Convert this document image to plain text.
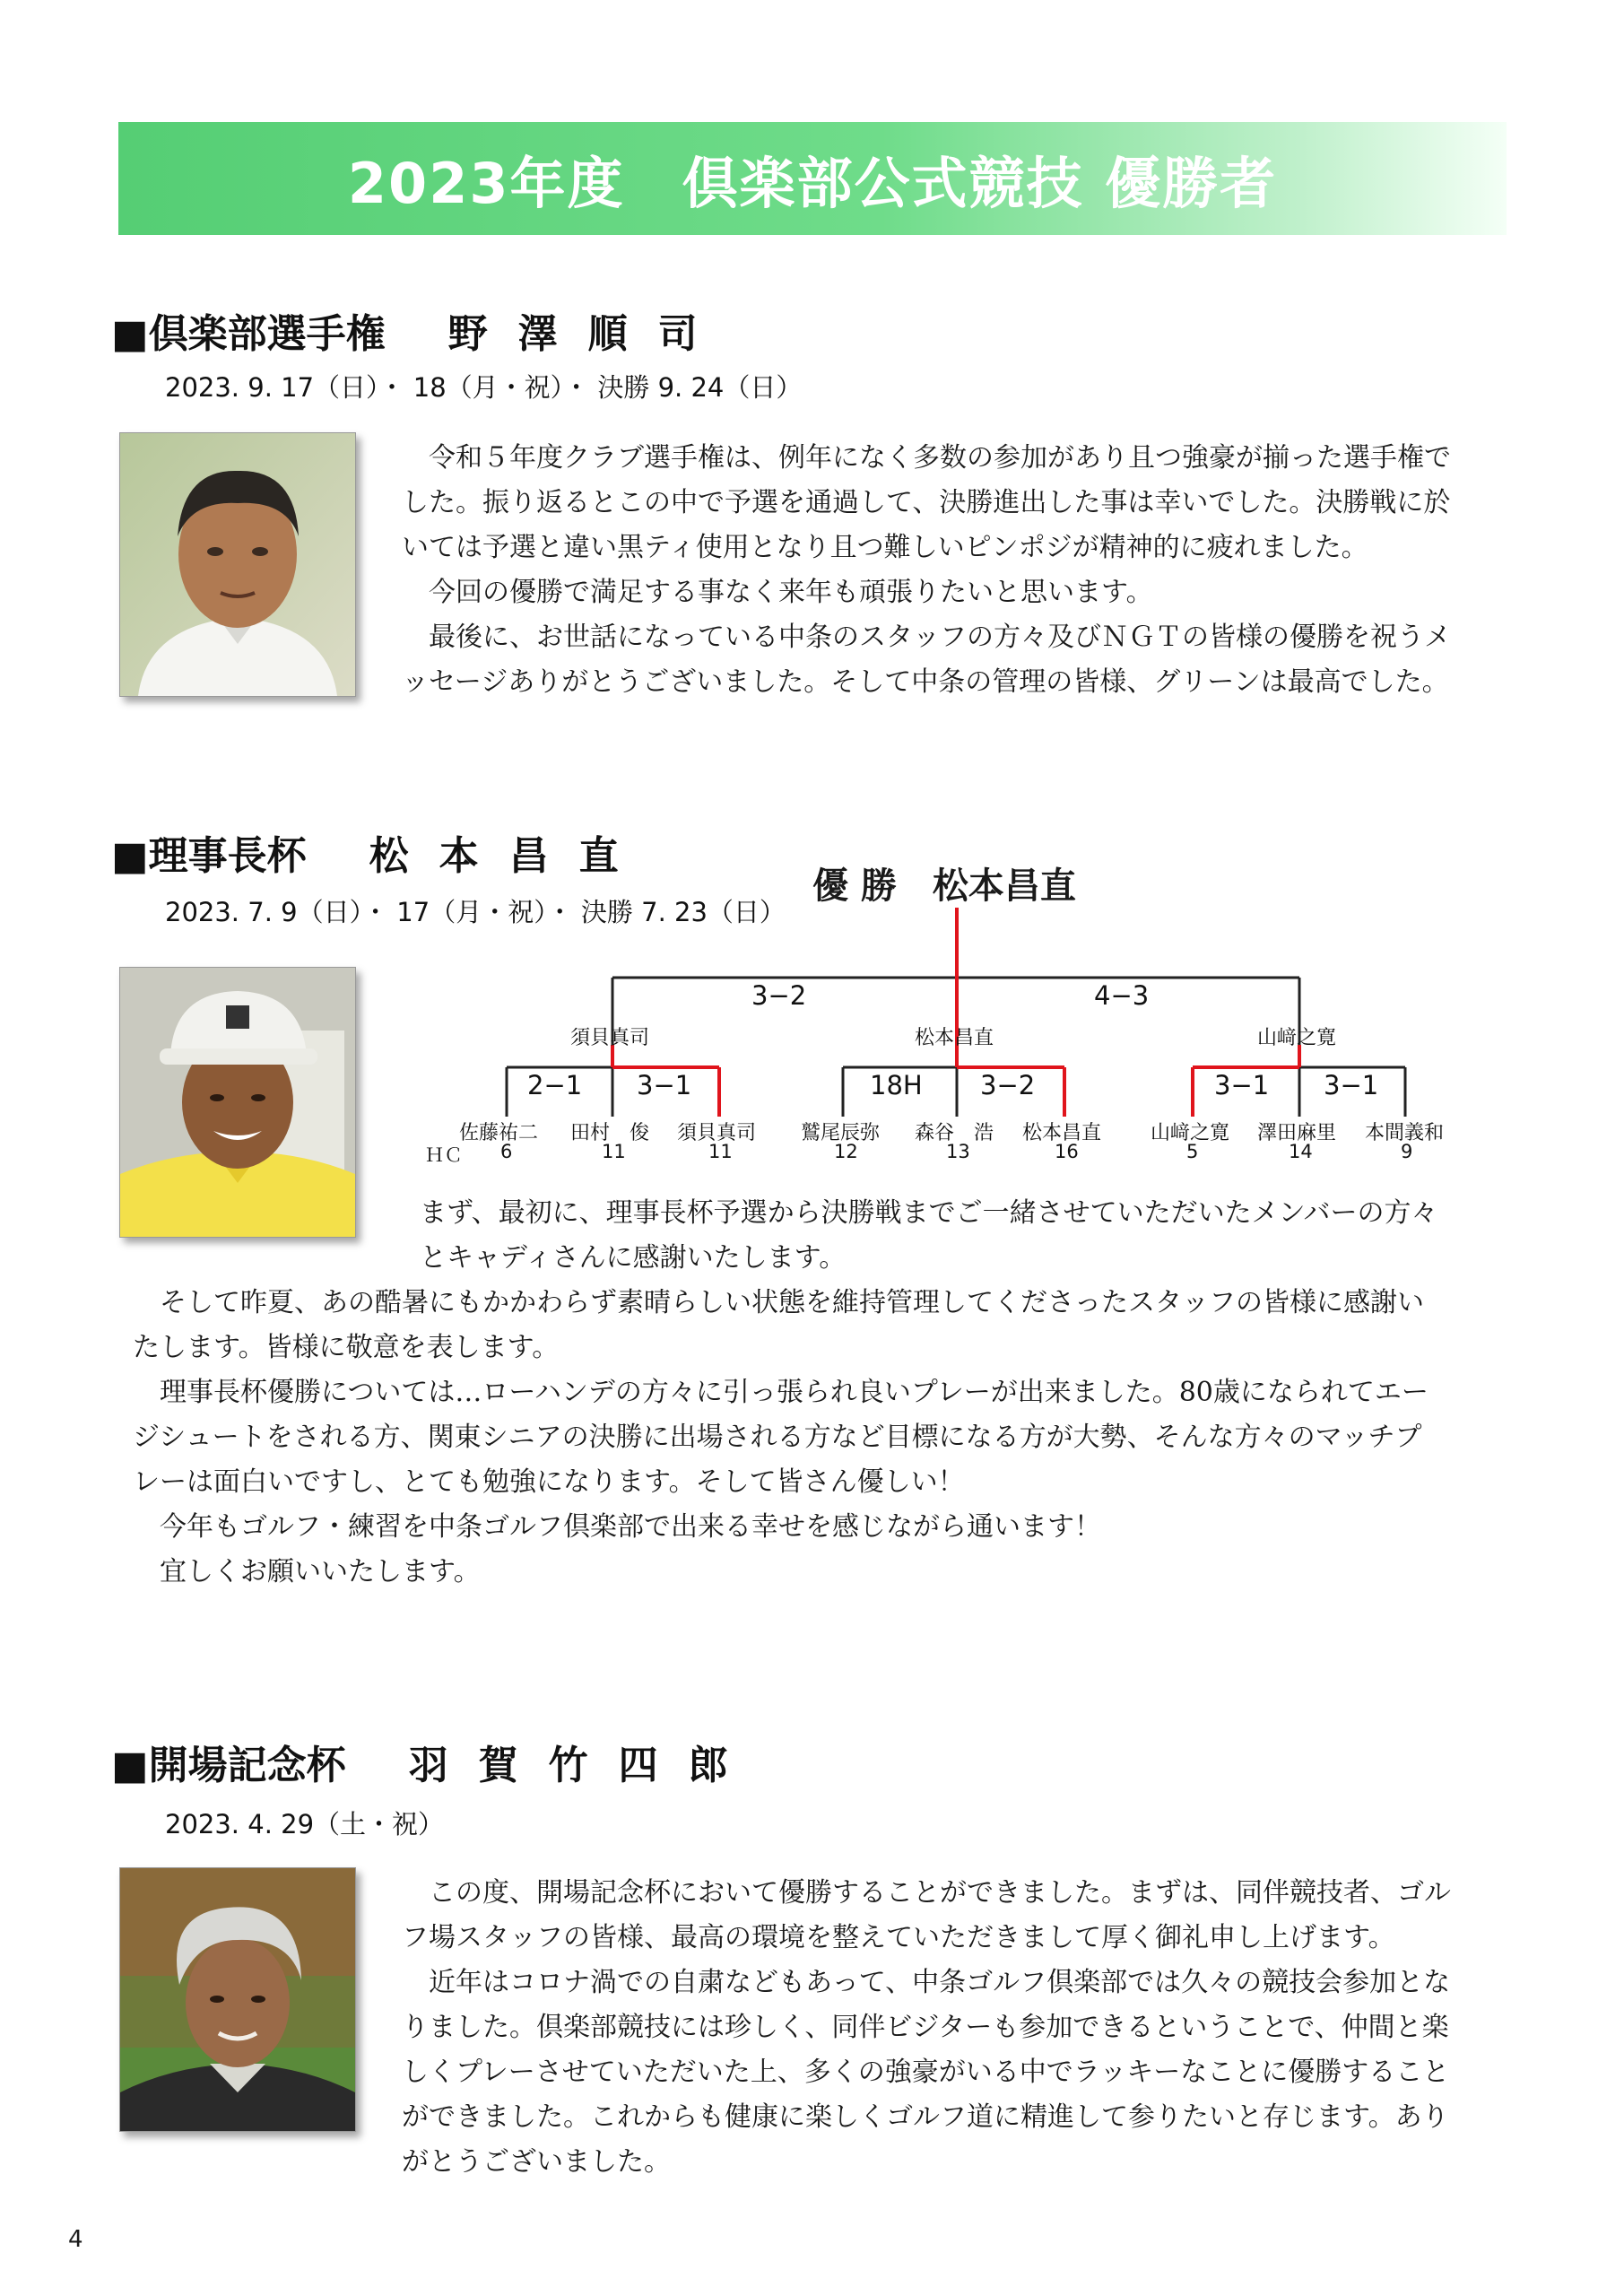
2023年度　倶楽部公式競技 優勝者
■倶楽部選手権 野澤順司
2023. 9. 17（日）・ 18（月・祝）・ 決勝 9. 24（日）

　令和５年度クラブ選手権は、例年になく多数の参加があり且つ強豪が揃った選手権で

した。振り返るとこの中で予選を通過して、決勝進出した事は幸いでした。決勝戦に於

いては予選と違い黒ティ使用となり且つ難しいピンポジが精神的に疲れました。

　今回の優勝で満足する事なく来年も頑張りたいと思います。

　最後に、お世話になっている中条のスタッフの方々及びＮＧＴの皆様の優勝を祝うメ

ッセージありがとうございました。そして中条の管理の皆様、グリーンは最高でした。

■理事長杯 松本昌直
2023. 7. 9（日）・ 17（月・祝）・ 決勝 7. 23（日）
優 勝　松本昌直
3−2	4−3
須貝真司	松本昌直	山﨑之寛
2−1 3−1	18H 3−2	3−1 3−1
佐藤祐二 田村　俊 須貝真司 鷲尾辰弥 森谷　浩 松本昌直 山﨑之寛 澤田麻里 本間義和
ＨＣ 6	11	11	12	13	16	5	14	9

まず、最初に、理事長杯予選から決勝戦までご一緒させていただいたメンバーの方々

とキャディさんに感謝いたします。

　そして昨夏、あの酷暑にもかかわらず素晴らしい状態を維持管理してくださったスタッフの皆様に感謝い

たします。皆様に敬意を表します。

　理事長杯優勝については…ローハンデの方々に引っ張られ良いプレーが出来ました。80歳になられてエー

ジシュートをされる方、関東シニアの決勝に出場される方など目標になる方が大勢、そんな方々のマッチプ

レーは面白いですし、とても勉強になります。そして皆さん優しい！

　今年もゴルフ・練習を中条ゴルフ倶楽部で出来る幸せを感じながら通います！

　宜しくお願いいたします。

■開場記念杯 羽賀竹四郎
2023. 4. 29（土・祝）

　この度、開場記念杯において優勝することができました。まずは、同伴競技者、ゴル

フ場スタッフの皆様、最高の環境を整えていただきまして厚く御礼申し上げます。

　近年はコロナ渦での自粛などもあって、中条ゴルフ倶楽部では久々の競技会参加とな

りました。倶楽部競技には珍しく、同伴ビジターも参加できるということで、仲間と楽

しくプレーさせていただいた上、多くの強豪がいる中でラッキーなことに優勝すること

ができました。これからも健康に楽しくゴルフ道に精進して参りたいと存じます。あり

がとうございました。

4
